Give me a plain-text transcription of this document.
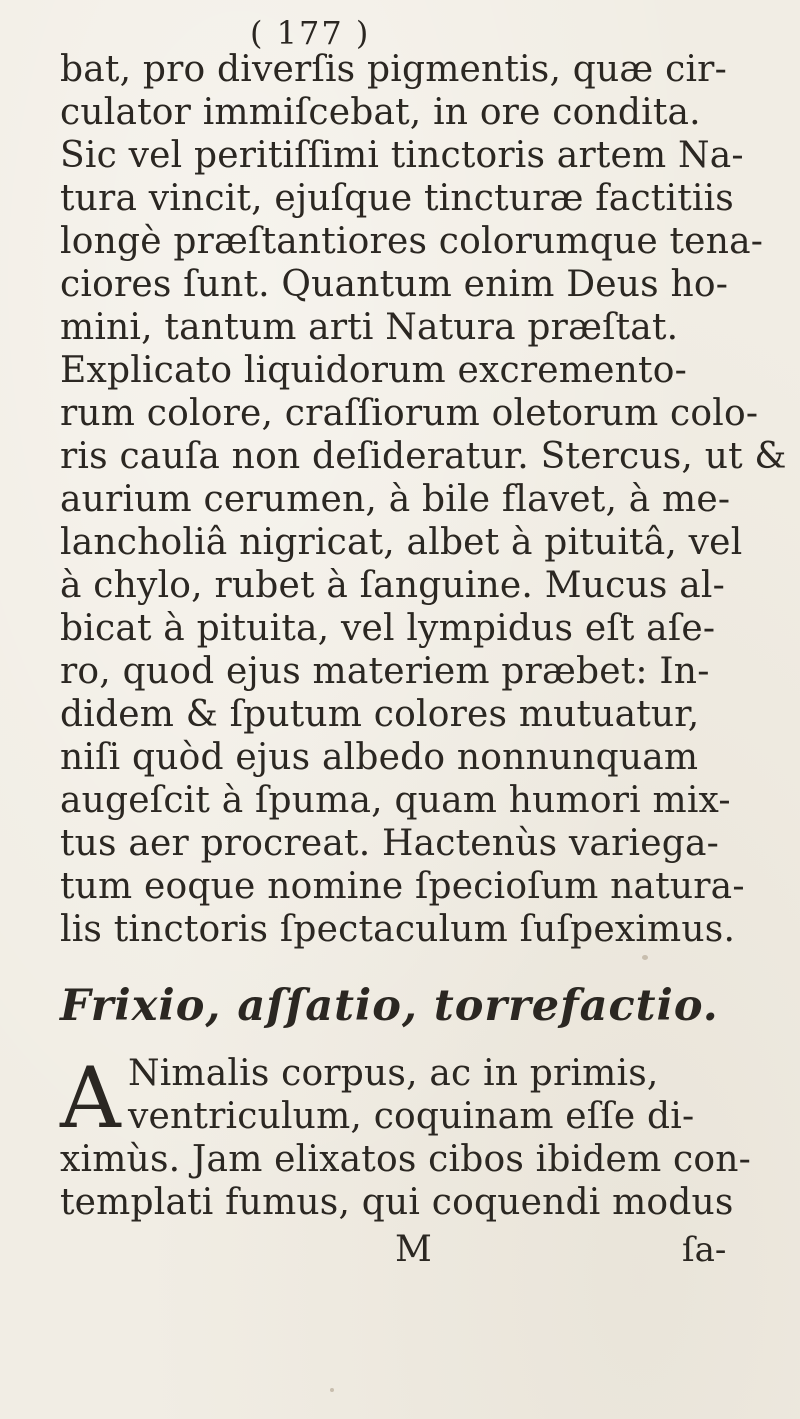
( 177 )
bat, pro diverſis pigmentis, quæ cir-
culator immiſcebat, in ore condita.
Sic vel peritiſſimi tinctoris artem Na-
tura vincit, ejuſque tincturæ factitiis
longè præſtantiores colorumque tena-
ciores ſunt. Quantum enim Deus ho-
mini, tantum arti Natura præſtat.
Explicato liquidorum excremento-
rum colore, craſſiorum oletorum colo-
ris cauſa non deſideratur. Stercus, ut &
aurium cerumen, à bile flavet, à me-
lancholiâ nigricat, albet à pituitâ, vel
à chylo, rubet à ſanguine. Mucus al-
bicat à pituita, vel lympidus eſt aſe-
ro, quod ejus materiem præbet: In-
didem & ſputum colores mutuatur,
niſi quòd ejus albedo nonnunquam
augeſcit à ſpuma, quam humori mix-
tus aer procreat. Hactenùs variega-
tum eoque nomine ſpecioſum natura-
lis tinctoris ſpectaculum ſuſpeximus.
Frixio, aſſatio, torrefactio.
A Nimalis corpus, ac in primis,
ventriculum, coquinam eſſe di-
ximùs. Jam elixatos cibos ibidem con-
templati fumus, qui coquendi modus
M	ſa-
